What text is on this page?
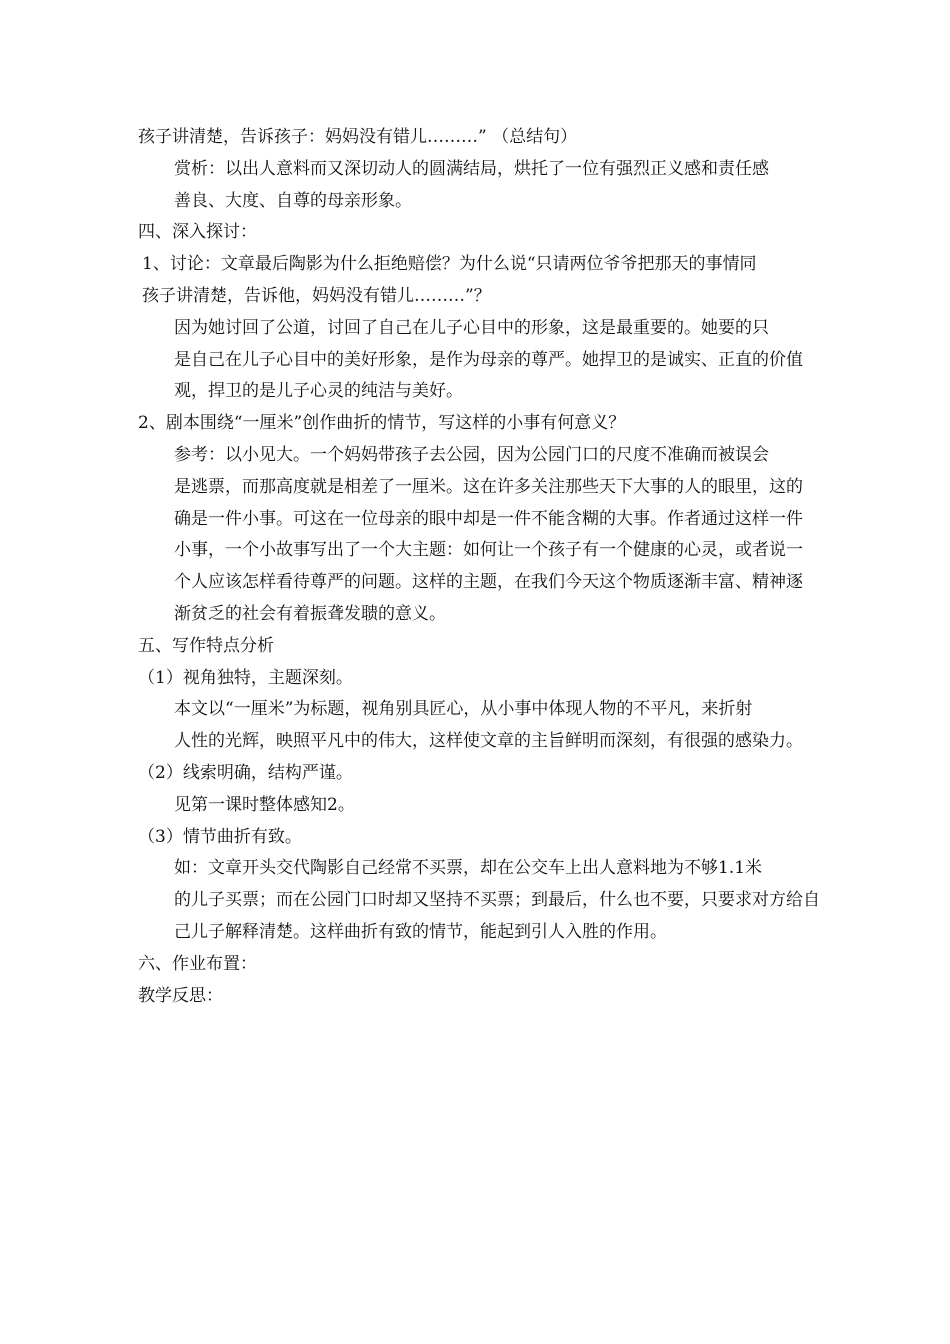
孩子讲清楚，告诉孩子：妈妈没有错儿………” （总结句）
赏析：以出人意料而又深切动人的圆满结局，烘托了一位有强烈正义感和责任感
善良、大度、自尊的母亲形象。
四、深入探讨：
1、讨论：文章最后陶影为什么拒绝赔偿？为什么说“只请两位爷爷把那天的事情同
孩子讲清楚，告诉他，妈妈没有错儿………”？
因为她讨回了公道，讨回了自己在儿子心目中的形象，这是最重要的。她要的只
是自己在儿子心目中的美好形象，是作为母亲的尊严。她捍卫的是诚实、正直的价值
观，捍卫的是儿子心灵的纯洁与美好。
2、剧本围绕“一厘米”创作曲折的情节，写这样的小事有何意义？
参考：以小见大。一个妈妈带孩子去公园，因为公园门口的尺度不准确而被误会
是逃票，而那高度就是相差了一厘米。这在许多关注那些天下大事的人的眼里，这的
确是一件小事。可这在一位母亲的眼中却是一件不能含糊的大事。作者通过这样一件
小事，一个小故事写出了一个大主题：如何让一个孩子有一个健康的心灵，或者说一
个人应该怎样看待尊严的问题。这样的主题，在我们今天这个物质逐渐丰富、精神逐
渐贫乏的社会有着振聋发聩的意义。
五、写作特点分析
（1）视角独特，主题深刻。
本文以“一厘米”为标题，视角别具匠心，从小事中体现人物的不平凡，来折射
人性的光辉，映照平凡中的伟大，这样使文章的主旨鲜明而深刻，有很强的感染力。
（2）线索明确，结构严谨。
见第一课时整体感知2。
（3）情节曲折有致。
如：文章开头交代陶影自己经常不买票，却在公交车上出人意料地为不够1.1米
的儿子买票；而在公园门口时却又坚持不买票；到最后，什么也不要，只要求对方给自
己儿子解释清楚。这样曲折有致的情节，能起到引人入胜的作用。
六、作业布置：
教学反思：
